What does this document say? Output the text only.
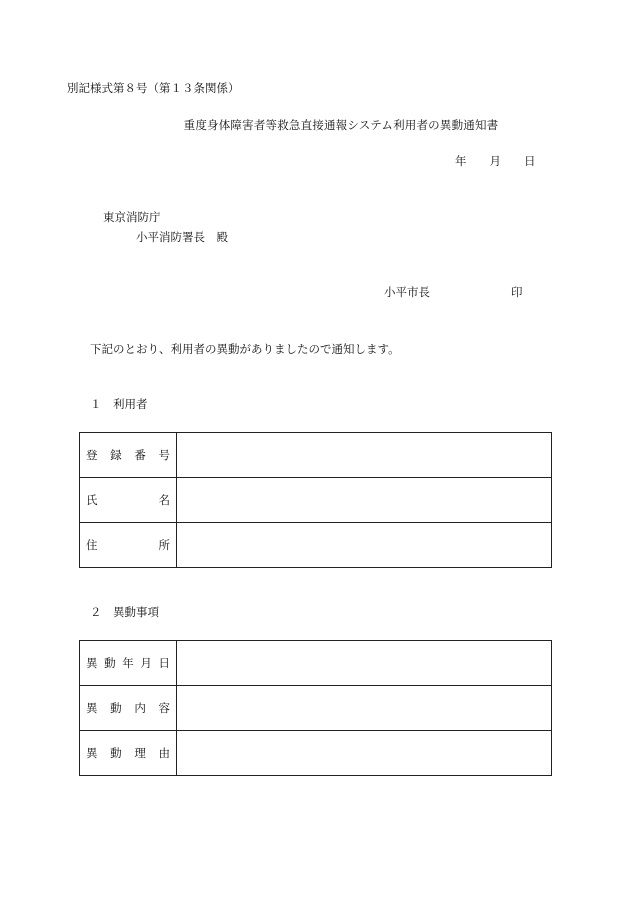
別記様式第８号（第１３条関係）
重度身体障害者等救急直接通報システム利用者の異動通知書
年 月 日
東京消防庁
小平消防署長　殿
小平市長	印
下記のとおり、利用者の異動がありましたので通知します。
１　利用者
登 録 番 号	

氏 名	

住 所	

２　異動事項
異 動 年 月 日	

異 動 内 容	

異 動 理 由	
